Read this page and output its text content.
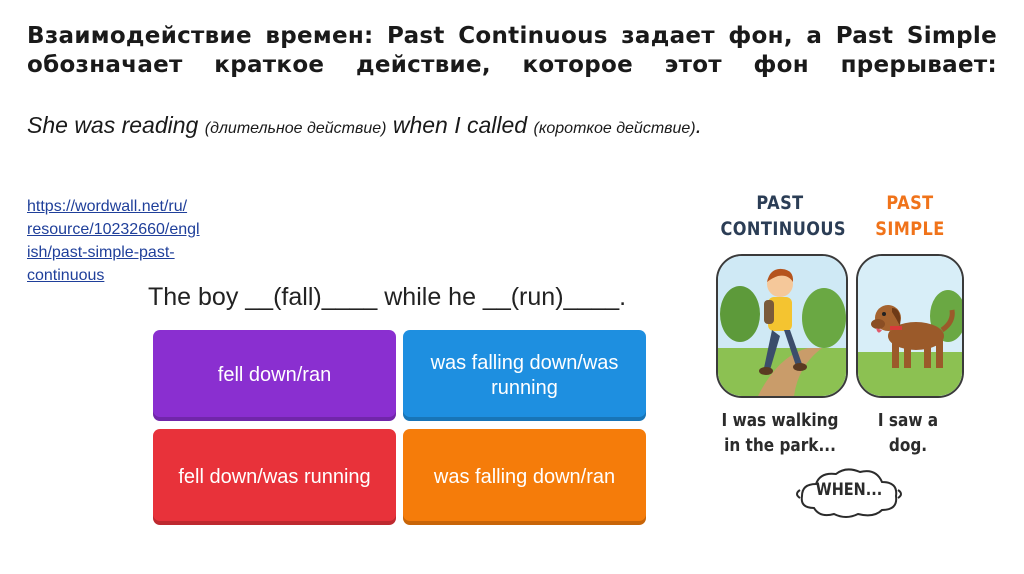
Взаимодействие времен: Past Continuous задает фон, а Past Simple
обозначает краткое действие, которое этот фон прерывает:
She was reading (длительное действие) when I called (короткое действие).
https://wordwall.net/ru/
resource/10232660/engl
ish/past-simple-past-
continuous
The boy __(fall)____ while he __(run)____.
fell down/ran
was falling down/was running
fell down/was running	was falling down/ran
PAST CONTINUOUS
PAST SIMPLE
I was walking in the park...
I saw a dog.
WHEN...
